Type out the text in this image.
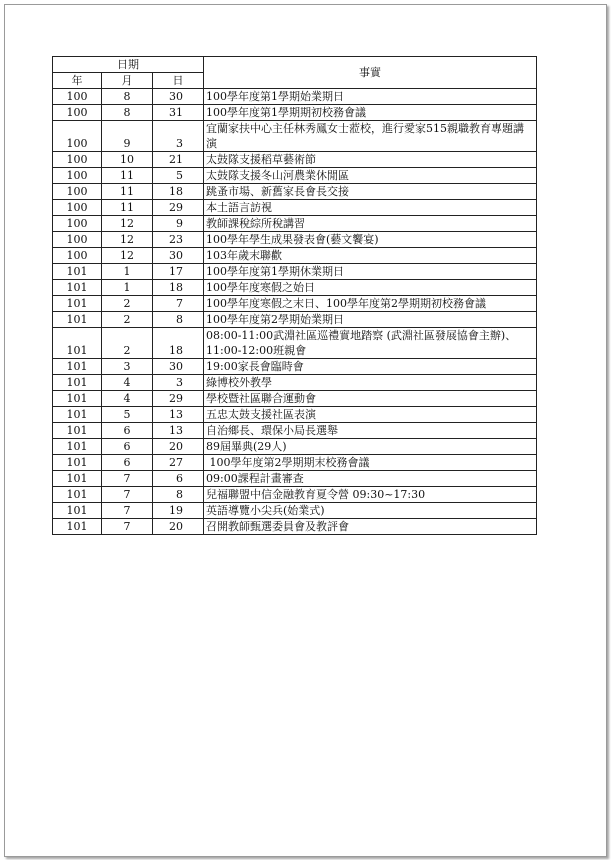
日期			事實
年	月	日	
100	8	30	100學年度第1學期始業期日
100	8	31	100學年度第1學期期初校務會議
100	9	3	宜蘭家扶中心主任林秀鳳女士蒞校，進行愛家515親職教育專題講演
100	10	21	太鼓隊支援稻草藝術節
100	11	5	太鼓隊支援冬山河農業休閒區
100	11	18	跳蚤市場、新舊家長會長交接
100	11	29	本土語言訪視
100	12	9	教師課稅綜所稅講習
100	12	23	100學年學生成果發表會(藝文饗宴)
100	12	30	103年歲末聯歡
101	1	17	100學年度第1學期休業期日
101	1	18	100學年度寒假之始日
101	2	7	100學年度寒假之末日、100學年度第2學期期初校務會議
101	2	8	100學年度第2學期始業期日
101	2	18	08:00-11:00武淵社區巡禮實地踏察 (武淵社區發展協會主辦)、11:00-12:00班親會
101	3	30	19:00家長會臨時會
101	4	3	綠博校外教學
101	4	29	學校暨社區聯合運動會
101	5	13	五忠太鼓支援社區表演
101	6	13	自治鄉長、環保小局長選舉
101	6	20	89屆畢典(29人)
101	6	27	100學年度第2學期期末校務會議
101	7	6	09:00課程計畫審查
101	7	8	兒福聯盟中信金融教育夏令營 09:30~17:30
101	7	19	英語導覽小尖兵(始業式)
101	7	20	召開教師甄選委員會及教評會
